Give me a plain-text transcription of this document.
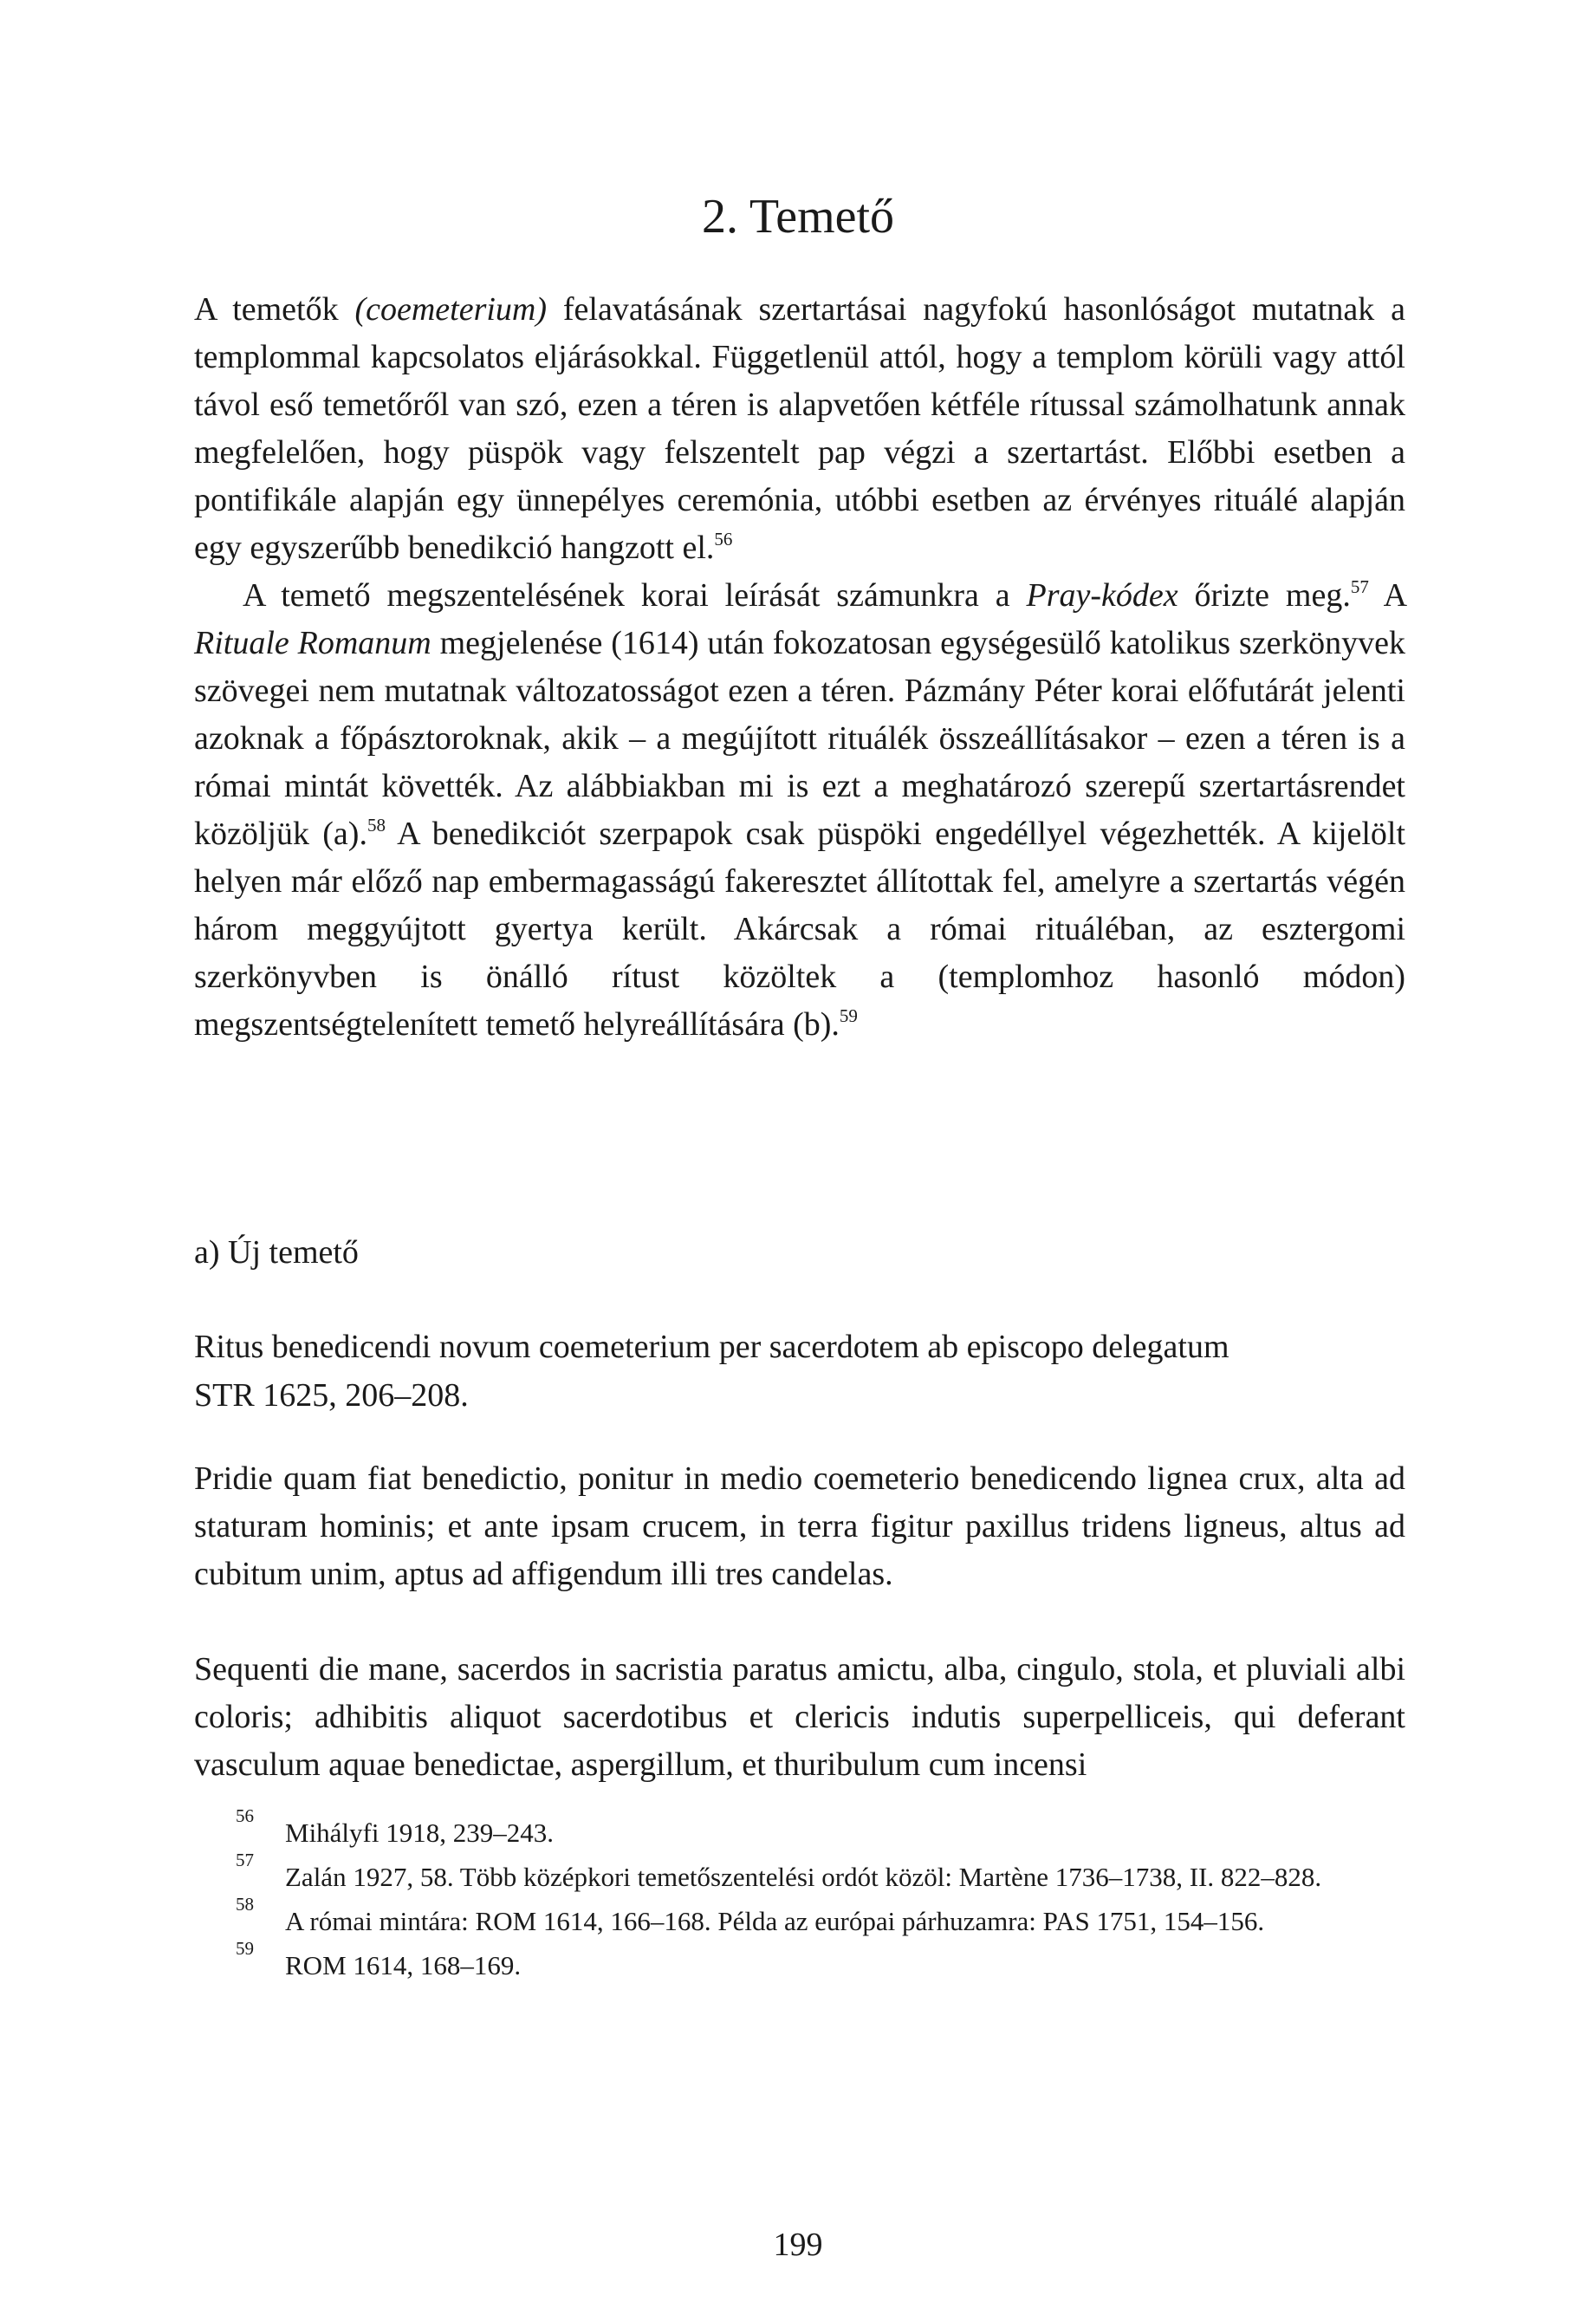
2. Temető

A temetők (coemeterium) felavatásának szertartásai nagyfokú hasonlóságot mutatnak a templommal kapcsolatos eljárásokkal. Függetlenül attól, hogy a templom körüli vagy attól távol eső temetőről van szó, ezen a téren is alapvetően kétféle rítussal számolhatunk annak megfelelően, hogy püspök vagy felszentelt pap végzi a szertartást. Előbbi esetben a pontifikále alapján egy ünnepélyes ceremónia, utóbbi esetben az érvényes rituálé alapján egy egyszerűbb benedikció hangzott el.$^{56}$

A temető megszentelésének korai leírását számunkra a Pray-kódex őrizte meg.$^{57}$ A Rituale Romanum megjelenése (1614) után fokozatosan egységesülő katolikus szerkönyvek szövegei nem mutatnak változatosságot ezen a téren. Pázmány Péter korai előfutárát jelenti azoknak a főpásztoroknak, akik – a megújított rituálék összeállításakor – ezen a téren is a római mintát követték. Az alábbiakban mi is ezt a meghatározó szerepű szertartásrendet közöljük (a).$^{58}$ A benedikciót szerpapok csak püspöki engedéllyel végezhették. A kijelölt helyen már előző nap embermagasságú fakeresztet állítottak fel, amelyre a szertartás végén három meggyújtott gyertya került. Akárcsak a római rituáléban, az esztergomi szerkönyvben is önálló rítust közöltek a (templomhoz hasonló módon) megszentségtelenített temető helyreállítására (b).$^{59}$

a) Új temető
Ritus benedicendi novum coemeterium per sacerdotem ab episcopo delegatum
STR 1625, 206–208.

Pridie quam fiat benedictio, ponitur in medio coemeterio benedicendo lignea crux, alta ad staturam hominis; et ante ipsam crucem, in terra figitur paxillus tridens ligneus, altus ad cubitum unim, aptus ad affigendum illi tres candelas.

Sequenti die mane, sacerdos in sacristia paratus amictu, alba, cingulo, stola, et pluviali albi coloris; adhibitis aliquot sacerdotibus et clericis indutis superpelliceis, qui deferant vasculum aquae benedictae, aspergillum, et thuribulum cum incensi

56
Mihályfi 1918, 239–243.
57
Zalán 1927, 58. Több középkori temetőszentelési ordót közöl: Martène 1736–1738, II. 822–828.
58
A római mintára: ROM 1614, 166–168. Példa az európai párhuzamra: PAS 1751, 154–156.
59
ROM 1614, 168–169.
199
